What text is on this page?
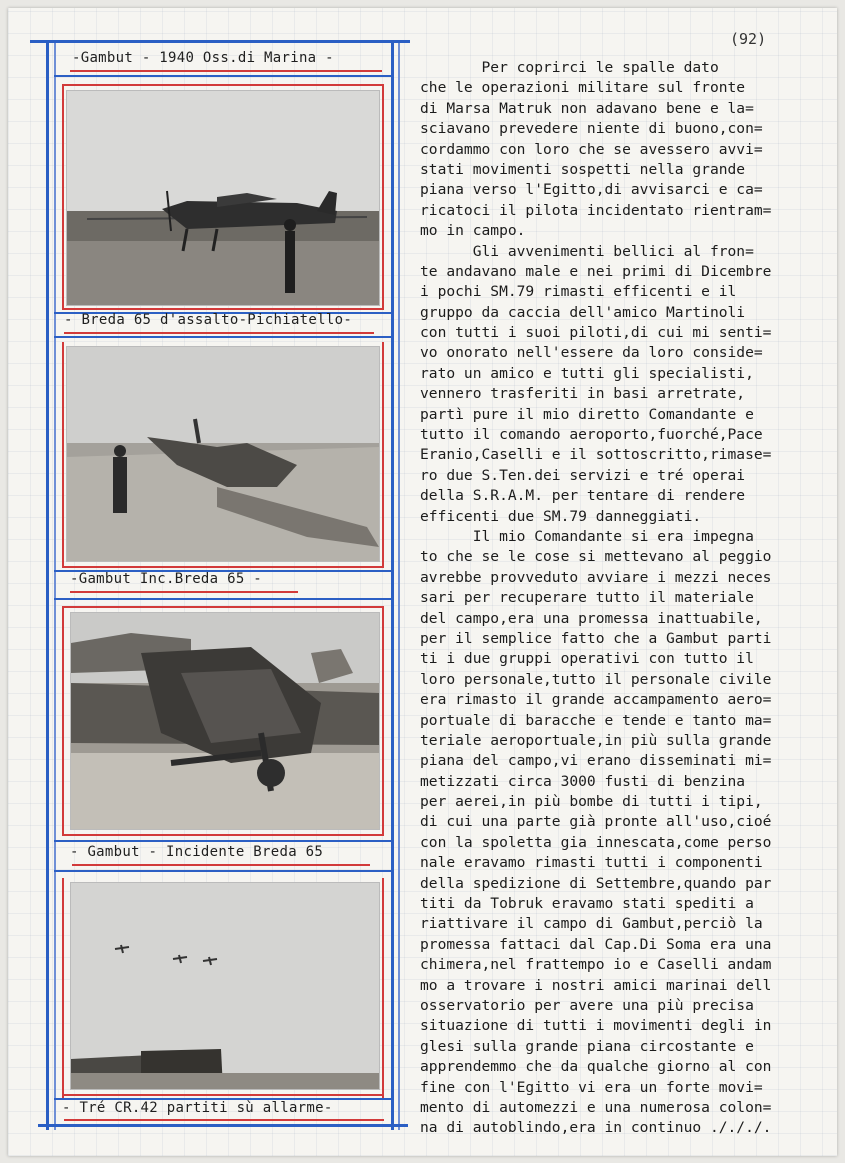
(92)
-Gambut - 1940 Oss.di Marina -
- Breda 65 d'assalto-Pichiatello-
-Gambut Inc.Breda 65 -
- Gambut - Incidente Breda 65
- Tré CR.42 partiti sù allarme-
Per coprirci le spalle dato
che le operazioni militare sul fronte
di Marsa Matruk non adavano bene e la=
sciavano prevedere niente di buono,con=
cordammo con loro che se avessero avvi=
stati movimenti sospetti nella grande
piana verso l'Egitto,di avvisarci e ca=
ricatoci il pilota incidentato rientram=
mo in campo.
Gli avvenimenti bellici al fron=
te andavano male e nei primi di Dicembre
i pochi SM.79 rimasti efficenti e il
gruppo da caccia dell'amico Martinoli
con tutti i suoi piloti,di cui mi senti=
vo onorato nell'essere da loro conside=
rato un amico e tutti gli specialisti,
vennero trasferiti in basi arretrate,
partì pure il mio diretto Comandante e
tutto il comando aeroporto,fuorché,Pace
Eranio,Caselli e il sottoscritto,rimase=
ro due S.Ten.dei servizi e tré operai
della S.R.A.M. per tentare di rendere
efficenti due SM.79 danneggiati.
Il mio Comandante si era impegna
to che se le cose si mettevano al peggio
avrebbe provveduto avviare i mezzi neces
sari per recuperare tutto il materiale
del campo,era una promessa inattuabile,
per il semplice fatto che a Gambut parti
ti i due gruppi operativi con tutto il
loro personale,tutto il personale civile
era rimasto il grande accampamento aero=
portuale di baracche e tende e tanto ma=
teriale aeroportuale,in più sulla grande
piana del campo,vi erano disseminati mi=
metizzati circa 3000 fusti di benzina
per aerei,in più bombe di tutti i tipi,
di cui una parte già pronte all'uso,cioé
con la spoletta gia innescata,come perso
nale eravamo rimasti tutti i componenti
della spedizione di Settembre,quando par
titi da Tobruk eravamo stati spediti a
riattivare il campo di Gambut,perciò la
promessa fattaci dal Cap.Di Soma era una
chimera,nel frattempo io e Caselli andam
mo a trovare i nostri amici marinai dell
osservatorio per avere una più precisa
situazione di tutti i movimenti degli in
glesi sulla grande piana circostante e
apprendemmo che da qualche giorno al con
fine con l'Egitto vi era un forte movi=
mento di automezzi e una numerosa colon=
na di autoblindo,era in continuo ./././.
